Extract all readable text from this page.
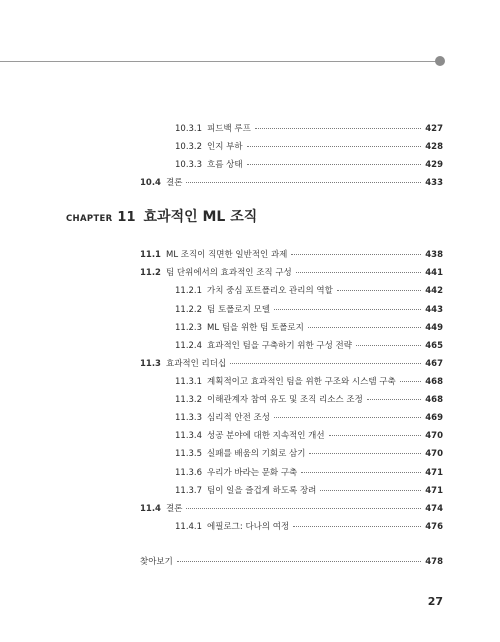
10.3.1 피드백 루프	427
10.3.2 인지 부하	428
10.3.3 흐름 상태	429
10.4 결론	433
CHAPTER 11 효과적인 ML 조직
11.1 ML 조직이 직면한 일반적인 과제	438
11.2 팀 단위에서의 효과적인 조직 구성	441
11.2.1 가치 중심 포트폴리오 관리의 역할	442
11.2.2 팀 토폴로지 모델	443
11.2.3 ML 팀을 위한 팀 토폴로지	449
11.2.4 효과적인 팀을 구축하기 위한 구성 전략	465
11.3 효과적인 리더십	467
11.3.1 계획적이고 효과적인 팀을 위한 구조와 시스템 구축	468
11.3.2 이해관계자 참여 유도 및 조직 리소스 조정	468
11.3.3 심리적 안전 조성	469
11.3.4 성공 분야에 대한 지속적인 개선	470
11.3.5 실패를 배움의 기회로 삼기	470
11.3.6 우리가 바라는 문화 구축	471
11.3.7 팀이 일을 즐겁게 하도록 장려	471
11.4 결론	474
11.4.1 에필로그: 다나의 여정	476
찾아보기	478
27
